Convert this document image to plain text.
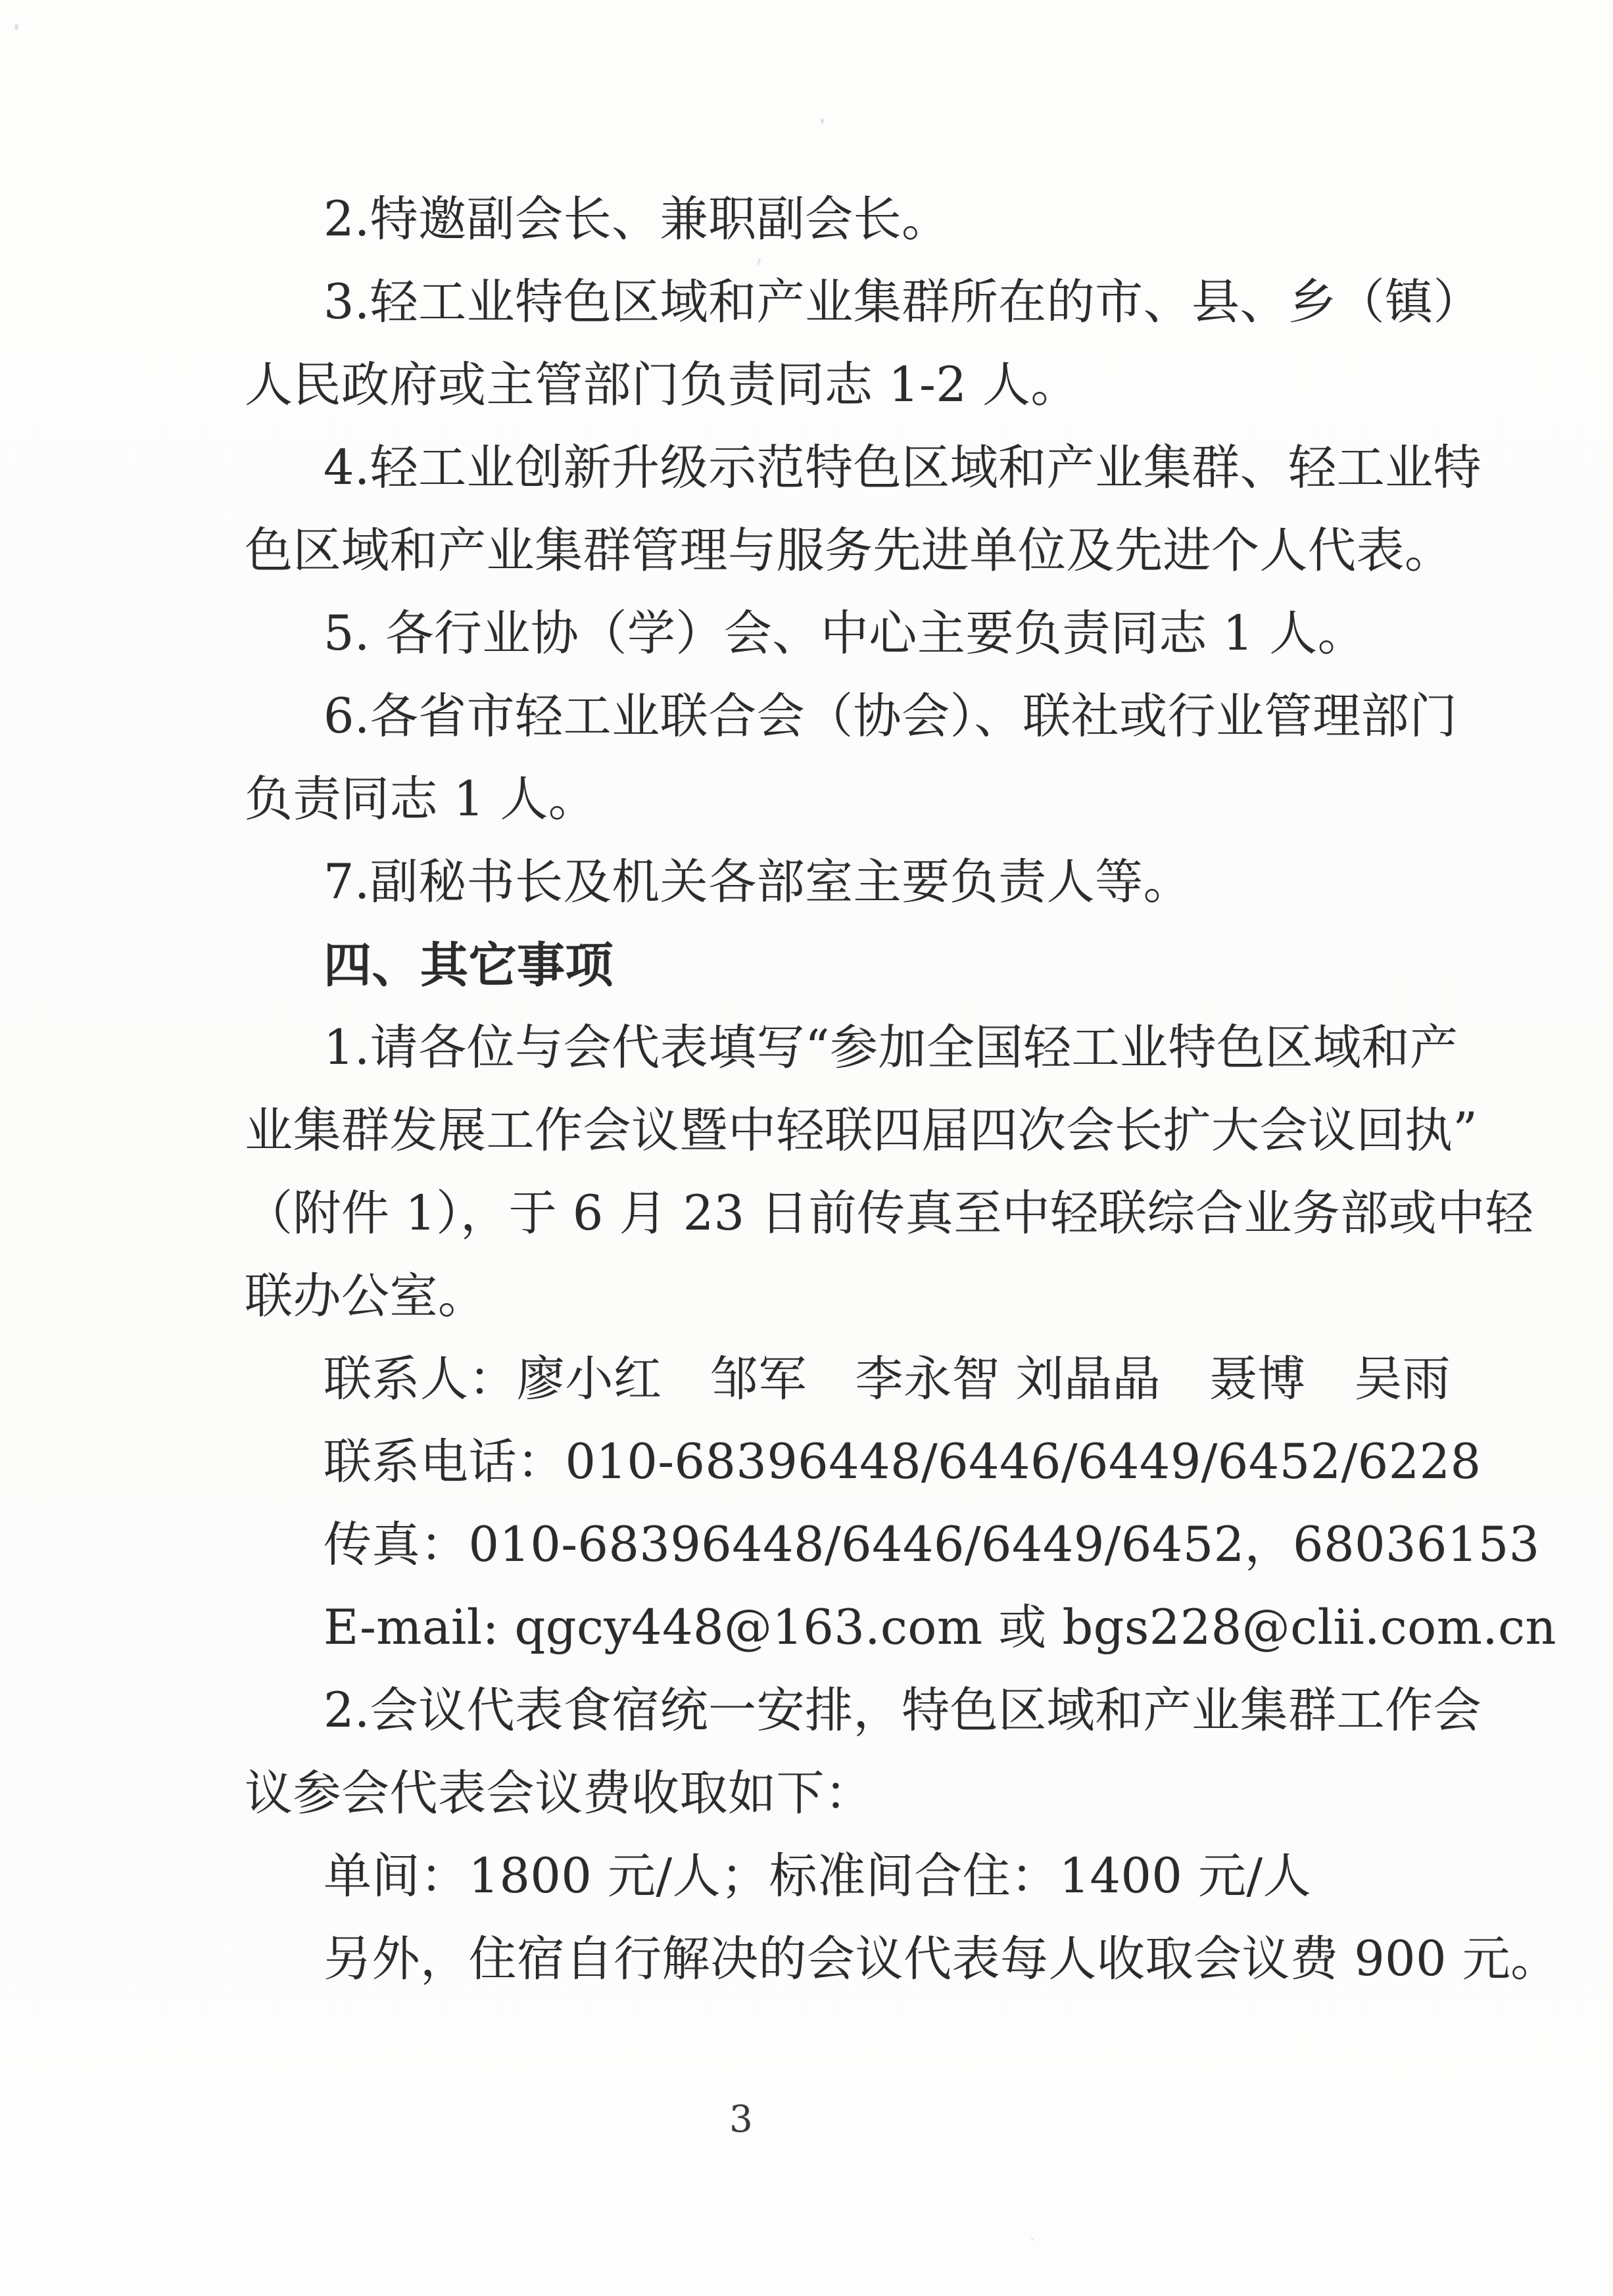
2.特邀副会长、兼职副会长。
3.轻工业特色区域和产业集群所在的市、县、乡（镇）
人民政府或主管部门负责同志 1-2 人。
4.轻工业创新升级示范特色区域和产业集群、轻工业特
色区域和产业集群管理与服务先进单位及先进个人代表。
5. 各行业协（学）会、中心主要负责同志 1 人。
6.各省市轻工业联合会（协会）、联社或行业管理部门
负责同志 1 人。
7.副秘书长及机关各部室主要负责人等。
四、其它事项
1.请各位与会代表填写“参加全国轻工业特色区域和产
业集群发展工作会议暨中轻联四届四次会长扩大会议回执”
（附件 1），于 6 月 23 日前传真至中轻联综合业务部或中轻
联办公室。
联系人：廖小红　邹军　李永智 刘晶晶　聂博　吴雨
联系电话：010-68396448/6446/6449/6452/6228
传真：010-68396448/6446/6449/6452，68036153
E-mail: qgcy448@163.com 或 bgs228@clii.com.cn
2.会议代表食宿统一安排，特色区域和产业集群工作会
议参会代表会议费收取如下：
单间：1800 元/人；标准间合住：1400 元/人
另外，住宿自行解决的会议代表每人收取会议费 900 元。
3
